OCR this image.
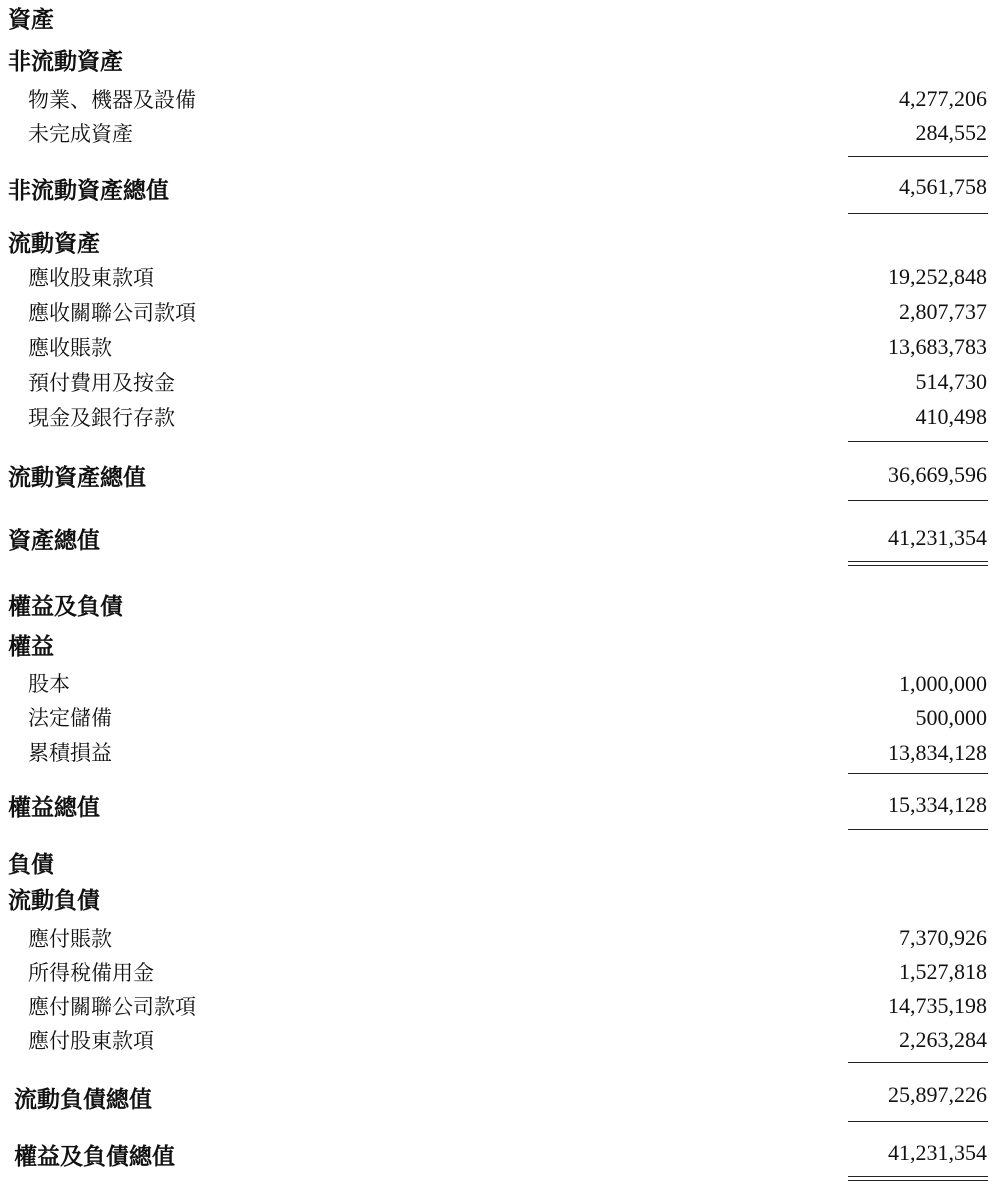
資產
非流動資產
物業、機器及設備	4,277,206
未完成資產	284,552
非流動資產總值	4,561,758
流動資產
應收股東款項	19,252,848
應收關聯公司款項	2,807,737
應收賬款	13,683,783
預付費用及按金	514,730
現金及銀行存款	410,498
流動資產總值	36,669,596
資產總值	41,231,354
權益及負債
權益
股本	1,000,000
法定儲備	500,000
累積損益	13,834,128
權益總值	15,334,128
負債
流動負債
應付賬款	7,370,926
所得稅備用金	1,527,818
應付關聯公司款項	14,735,198
應付股東款項	2,263,284
流動負債總值	25,897,226
權益及負債總值	41,231,354
